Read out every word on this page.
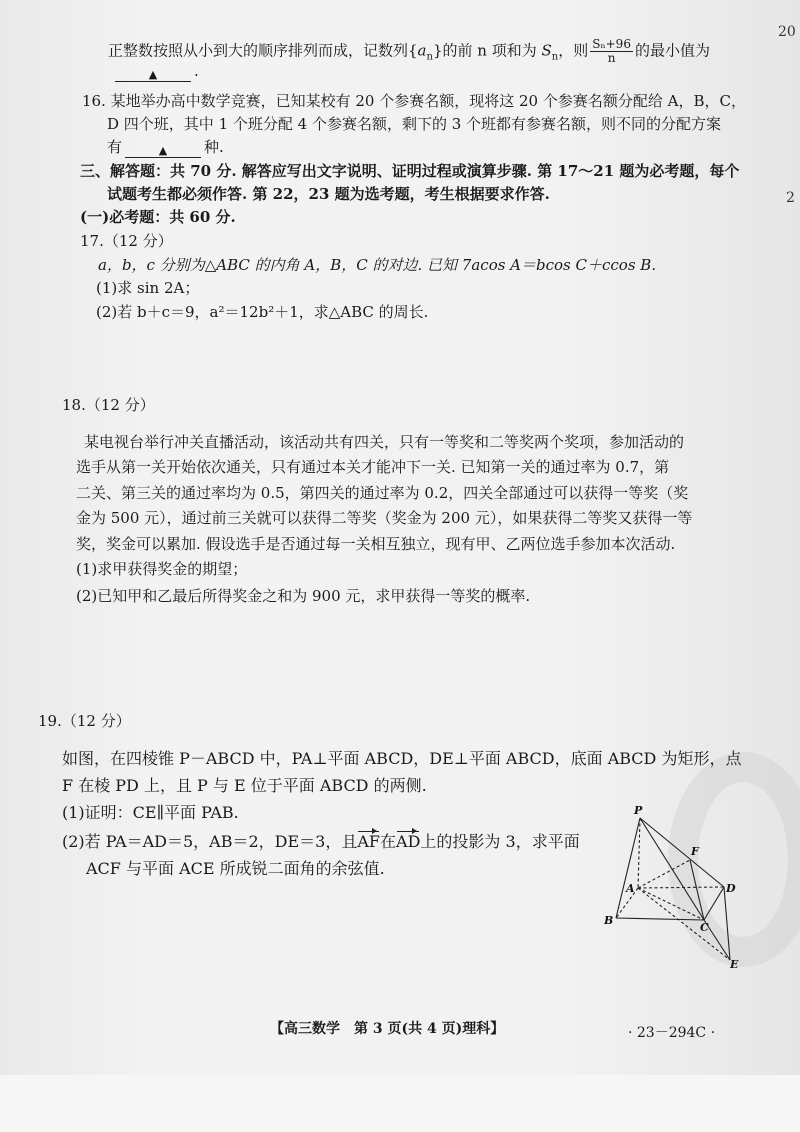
20
2
正整数按照从小到大的顺序排列而成，记数列$\{a_n\}$的前 n 项和为 $S_n$，则 $\frac{\text{Sₙ+96}}{n}$ 的最小值为
▲ .
16. 某地举办高中数学竞赛，已知某校有 20 个参赛名额，现将这 20 个参赛名额分配给 A，B，C，
D 四个班，其中 1 个班分配 4 个参赛名额，剩下的 3 个班都有参赛名额，则不同的分配方案
有	▲ 种.
三、解答题：共 70 分. 解答应写出文字说明、证明过程或演算步骤. 第 17～21 题为必考题，每个
试题考生都必须作答. 第 22，23 题为选考题，考生根据要求作答.
(一)必考题：共 60 分.
17.（12 分）
a，b，c 分别为△ABC 的内角 A，B，C 的对边. 已知 7acos A＝bcos C＋ccos B.
(1)求 sin 2A；
(2)若 b＋c＝9，a²＝12b²＋1，求△ABC 的周长.
18.（12 分）
某电视台举行冲关直播活动，该活动共有四关，只有一等奖和二等奖两个奖项，参加活动的
选手从第一关开始依次通关，只有通过本关才能冲下一关. 已知第一关的通过率为 0.7，第
二关、第三关的通过率均为 0.5，第四关的通过率为 0.2，四关全部通过可以获得一等奖（奖
金为 500 元），通过前三关就可以获得二等奖（奖金为 200 元），如果获得二等奖又获得一等
奖，奖金可以累加. 假设选手是否通过每一关相互独立，现有甲、乙两位选手参加本次活动.
(1)求甲获得奖金的期望；
(2)已知甲和乙最后所得奖金之和为 900 元，求甲获得一等奖的概率.
19.（12 分）
如图，在四棱锥 P－ABCD 中，PA⊥平面 ABCD，DE⊥平面 ABCD，底面 ABCD 为矩形，点
F 在棱 PD 上，且 P 与 E 位于平面 ABCD 的两侧.
(1)证明：CE∥平面 PAB.
(2)若 PA＝AD＝5，AB＝2，DE＝3，且AF在AD上的投影为 3，求平面
ACF 与平面 ACE 所成锐二面角的余弦值.
P
F
A	D
B
C
E
【高三数学　第 3 页(共 4 页)理科】	· 23－294C ·
